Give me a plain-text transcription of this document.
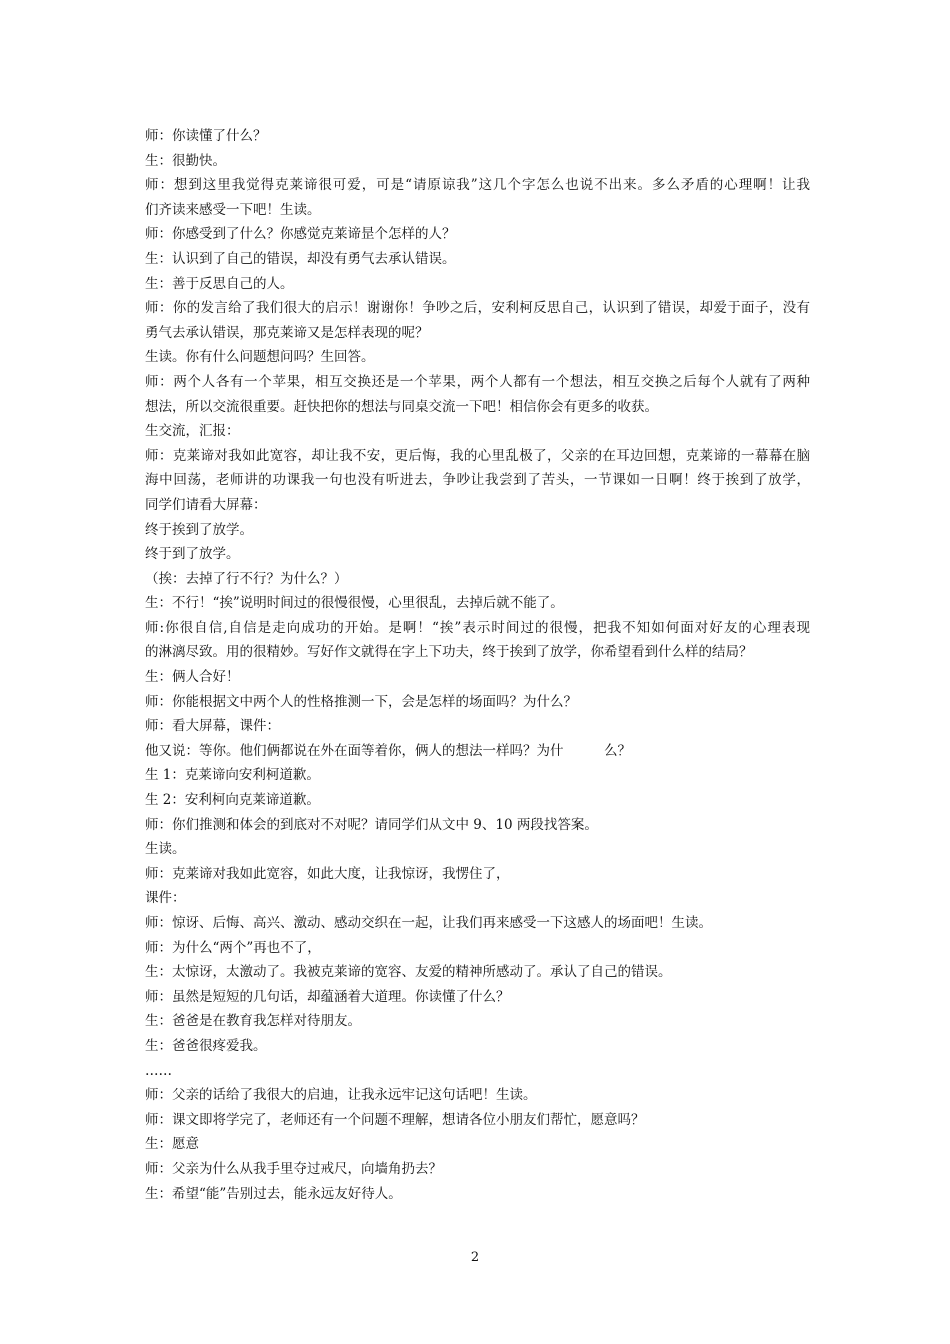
师：你读懂了什么？
生：很勤快。
师：想到这里我觉得克莱谛很可爱，可是“请原谅我”这几个字怎么也说不出来。多么矛盾的心理啊！让我
们齐读来感受一下吧！生读。
师：你感受到了什么？你感觉克莱谛昰个怎样的人？
生：认识到了自己的错误，却没有勇气去承认错误。
生：善于反思自己的人。
师：你的发言给了我们很大的启示！谢谢你！争吵之后，安利柯反思自己，认识到了错误，却爱于面子，没有
勇气去承认错误，那克莱谛又是怎样表现的呢？
生读。你有什么问题想问吗？生回答。
师：两个人各有一个苹果，相互交换还是一个苹果，两个人都有一个想法，相互交换之后每个人就有了两种
想法，所以交流很重要。赶快把你的想法与同桌交流一下吧！相信你会有更多的收获。
生交流，汇报：
师：克莱谛对我如此宽容，却让我不安，更后悔，我的心里乱极了，父亲的在耳边回想，克莱谛的一幕幕在脑
海中回荡，老师讲的功课我一句也没有听进去，争吵让我尝到了苦头，一节课如一日啊！终于挨到了放学，
同学们请看大屏幕：
终于挨到了放学。
终于到了放学。
（挨：去掉了行不行？为什么？）
生：不行！“挨”说明时间过的很慢很慢，心里很乱，去掉后就不能了。
师:你很自信,自信是走向成功的开始。是啊！“挨”表示时间过的很慢，把我不知如何面对好友的心理表现
的淋漓尽致。用的很精妙。写好作文就得在字上下功夫，终于挨到了放学，你希望看到什么样的结局？
生：俩人合好！
师：你能根据文中两个人的性格推测一下，会是怎样的场面吗？为什么？
师：看大屏幕，课件：
他又说：等你。他们俩都说在外在面等着你，俩人的想法一样吗？为什　　　么？
生 1：克莱谛向安利柯道歉。
生 2：安利柯向克莱谛道歉。
师：你们推测和体会的到底对不对呢？请同学们从文中 9、10 两段找答案。
生读。
师：克莱谛对我如此宽容，如此大度，让我惊讶，我愣住了，
课件：
师：惊讶、后悔、高兴、激动、感动交织在一起，让我们再来感受一下这感人的场面吧！生读。
师：为什么“两个”再也不了，
生：太惊讶，太激动了。我被克莱谛的宽容、友爱的精神所感动了。承认了自己的错误。
师：虽然是短短的几句话，却蕴涵着大道理。你读懂了什么？
生：爸爸是在教育我怎样对待朋友。
生：爸爸很疼爱我。
……
师：父亲的话给了我很大的启迪，让我永远牢记这句话吧！生读。
师：课文即将学完了，老师还有一个问题不理解，想请各位小朋友们帮忙，愿意吗？
生：愿意
师：父亲为什么从我手里夺过戒尺，向墙角扔去？
生：希望“能”告别过去，能永远友好待人。
2
